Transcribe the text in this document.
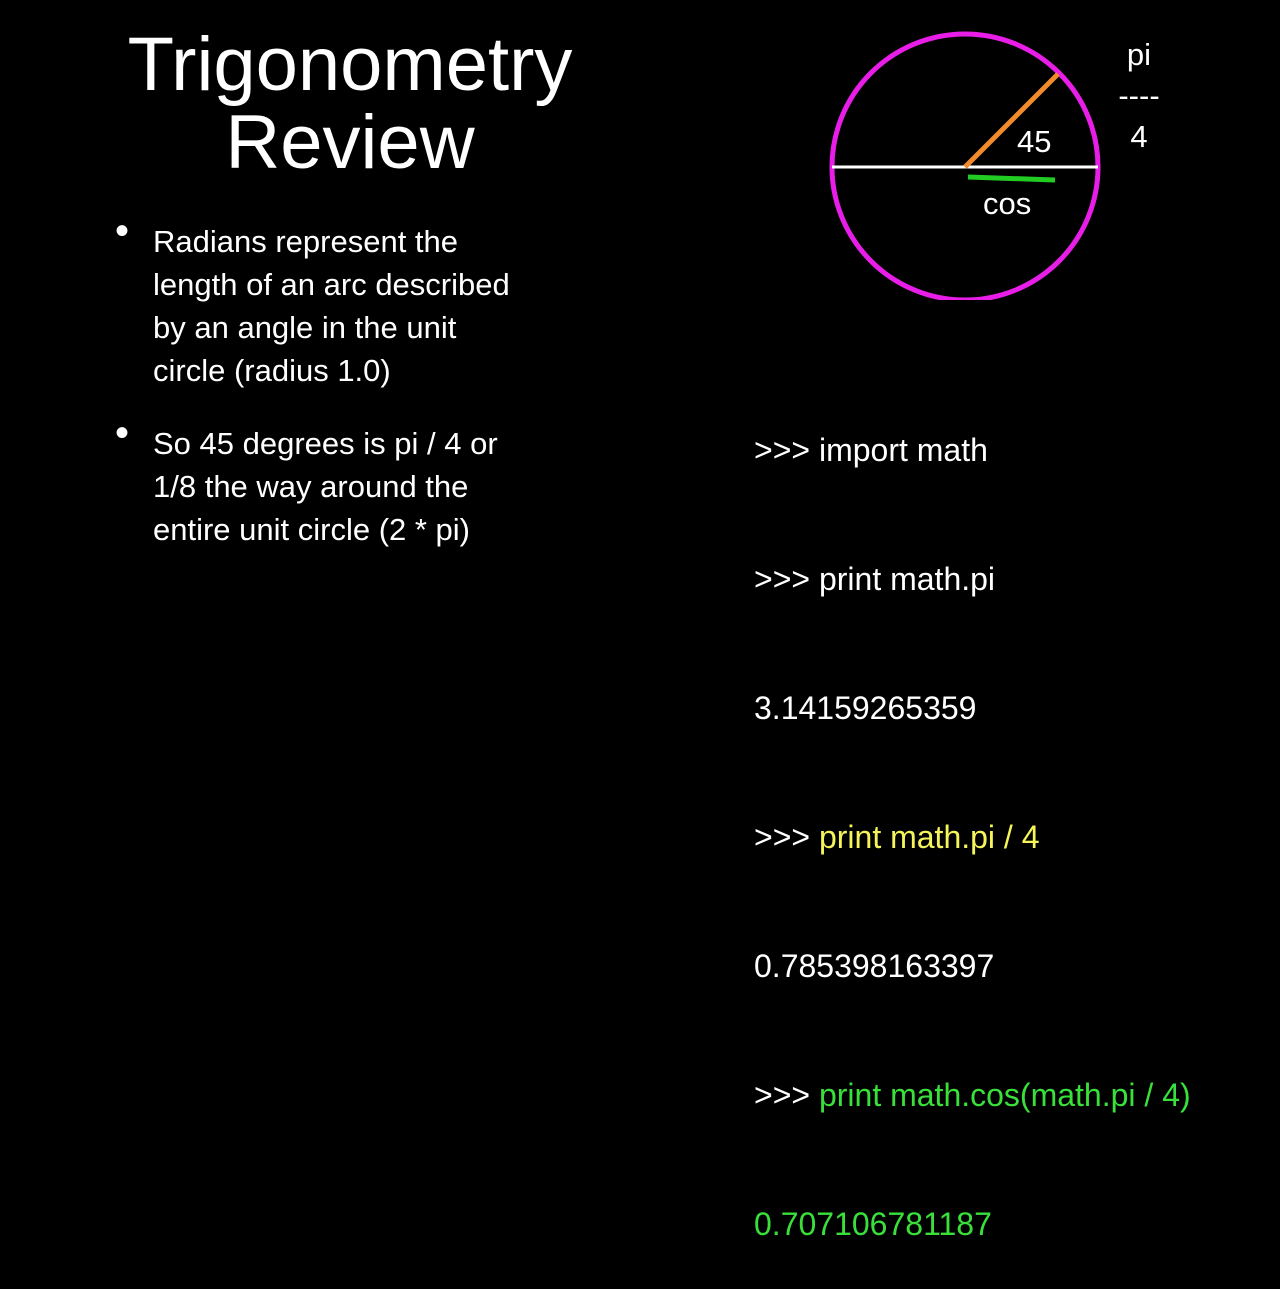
Trigonometry
Review
• Radians represent the length of an arc described by an angle in the unit circle (radius 1.0)
• So 45 degrees is pi / 4 or 1/8 the way around the entire unit circle (2 * pi)
45
cos
pi
----
4

>>> import math

>>> print math.pi

3.14159265359

>>> print math.pi / 4

0.785398163397

>>> print math.cos(math.pi / 4)

0.707106781187
